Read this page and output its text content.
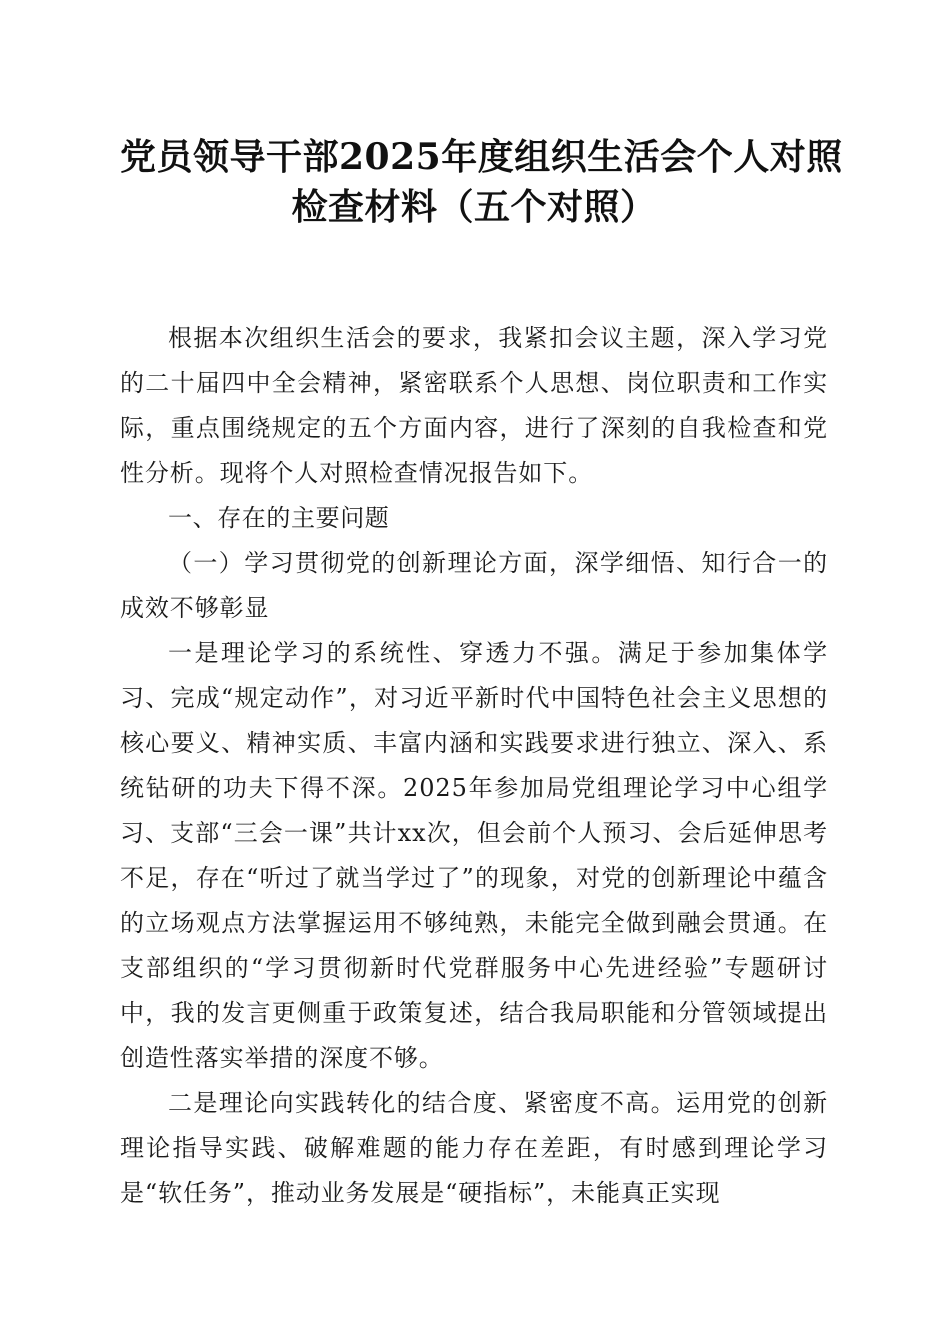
党员领导干部2025年度组织生活会个人对照
检查材料（五个对照）

根据本次组织生活会的要求，我紧扣会议主题，深入学习党的二十届四中全会精神，紧密联系个人思想、岗位职责和工作实际，重点围绕规定的五个方面内容，进行了深刻的自我检查和党性分析。现将个人对照检查情况报告如下。

一、存在的主要问题

（一）学习贯彻党的创新理论方面，深学细悟、知行合一的成效不够彰显

一是理论学习的系统性、穿透力不强。满足于参加集体学习、完成“规定动作”，对习近平新时代中国特色社会主义思想的核心要义、精神实质、丰富内涵和实践要求进行独立、深入、系统钻研的功夫下得不深。2025年参加局党组理论学习中心组学习、支部“三会一课”共计xx次，但会前个人预习、会后延伸思考不足，存在“听过了就当学过了”的现象，对党的创新理论中蕴含的立场观点方法掌握运用不够纯熟，未能完全做到融会贯通。在支部组织的“学习贯彻新时代党群服务中心先进经验”专题研讨中，我的发言更侧重于政策复述，结合我局职能和分管领域提出创造性落实举措的深度不够。

二是理论向实践转化的结合度、紧密度不高。运用党的创新理论指导实践、破解难题的能力存在差距，有时感到理论学习是“软任务”，推动业务发展是“硬指标”，未能真正实现
